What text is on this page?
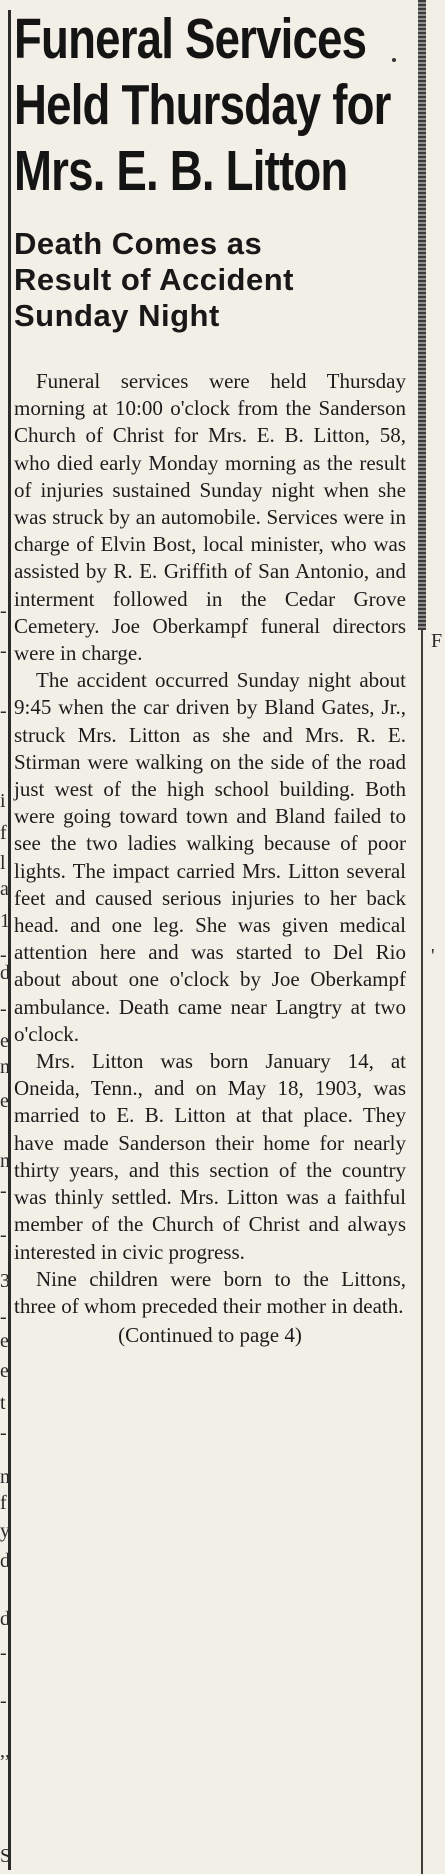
Funeral Services
Held Thursday for
Mrs. E. B. Litton
Death Comes as
Result of Accident
Sunday Night

Funeral services were held Thursday morning at 10:00 o'clock from the Sanderson Church of Christ for Mrs. E. B. Litton, 58, who died early Monday morning as the result of injuries sustained Sunday night when she was struck by an automobile. Services were in charge of Elvin Bost, local minister, who was assisted by R. E. Griffith of San Antonio, and interment followed in the Cedar Grove Cemetery. Joe Oberkampf funeral directors were in charge.

The accident occurred Sunday night about 9:45 when the car driven by Bland Gates, Jr., struck Mrs. Litton as she and Mrs. R. E. Stirman were walking on the side of the road just west of the high school building. Both were going toward town and Bland failed to see the two ladies walking because of poor lights. The impact carried Mrs. Litton several feet and caused serious injuries to her back head. and one leg. She was given medical attention here and was started to Del Rio about about one o'clock by Joe Oberkampf ambulance. Death came near Langtry at two o'clock.

Mrs. Litton was born January 14, at Oneida, Tenn., and on May 18, 1903, was married to E. B. Litton at that place. They have made Sanderson their home for nearly thirty years, and this section of the country was thinly settled. Mrs. Litton was a faithful member of the Church of Christ and always interested in civic progress.

Nine children were born to the Littons, three of whom preceded their mother in death.

(Continued to page 4)

-
-
-
i
f
l
a
1
-
d
-
e
n
e
n
-
-
3
-
e
e
t
-
n
f
y
d
d
-
-
,,
S
F
'
